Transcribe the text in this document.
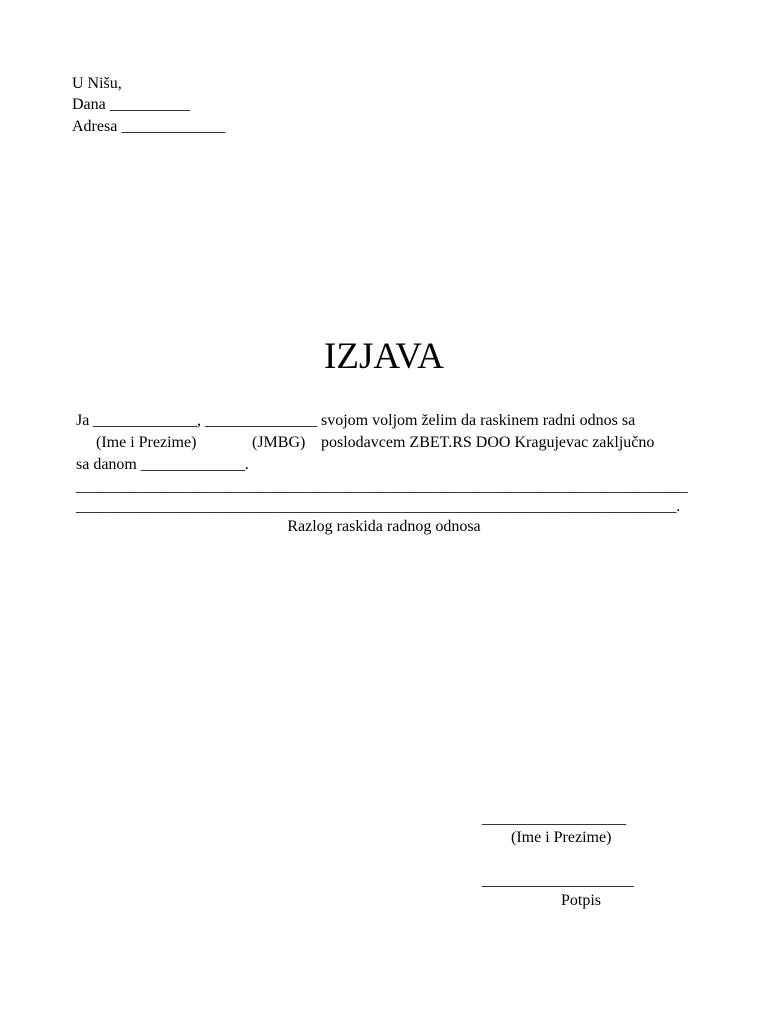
U Nišu,
Dana __________
Adresa _____________
IZJAVA
Ja _____________, ______________ svojom voljom želim da raskinem radni odnos sa
(Ime i Prezime)	(JMBG) poslodavcem ZBET.RS DOO Kragujevac zaključno
sa danom _____________.
______________________________________________________________________________
_____________________________________________________________________________.
Razlog raskida radnog odnosa
__________________
(Ime i Prezime)
___________________
Potpis
